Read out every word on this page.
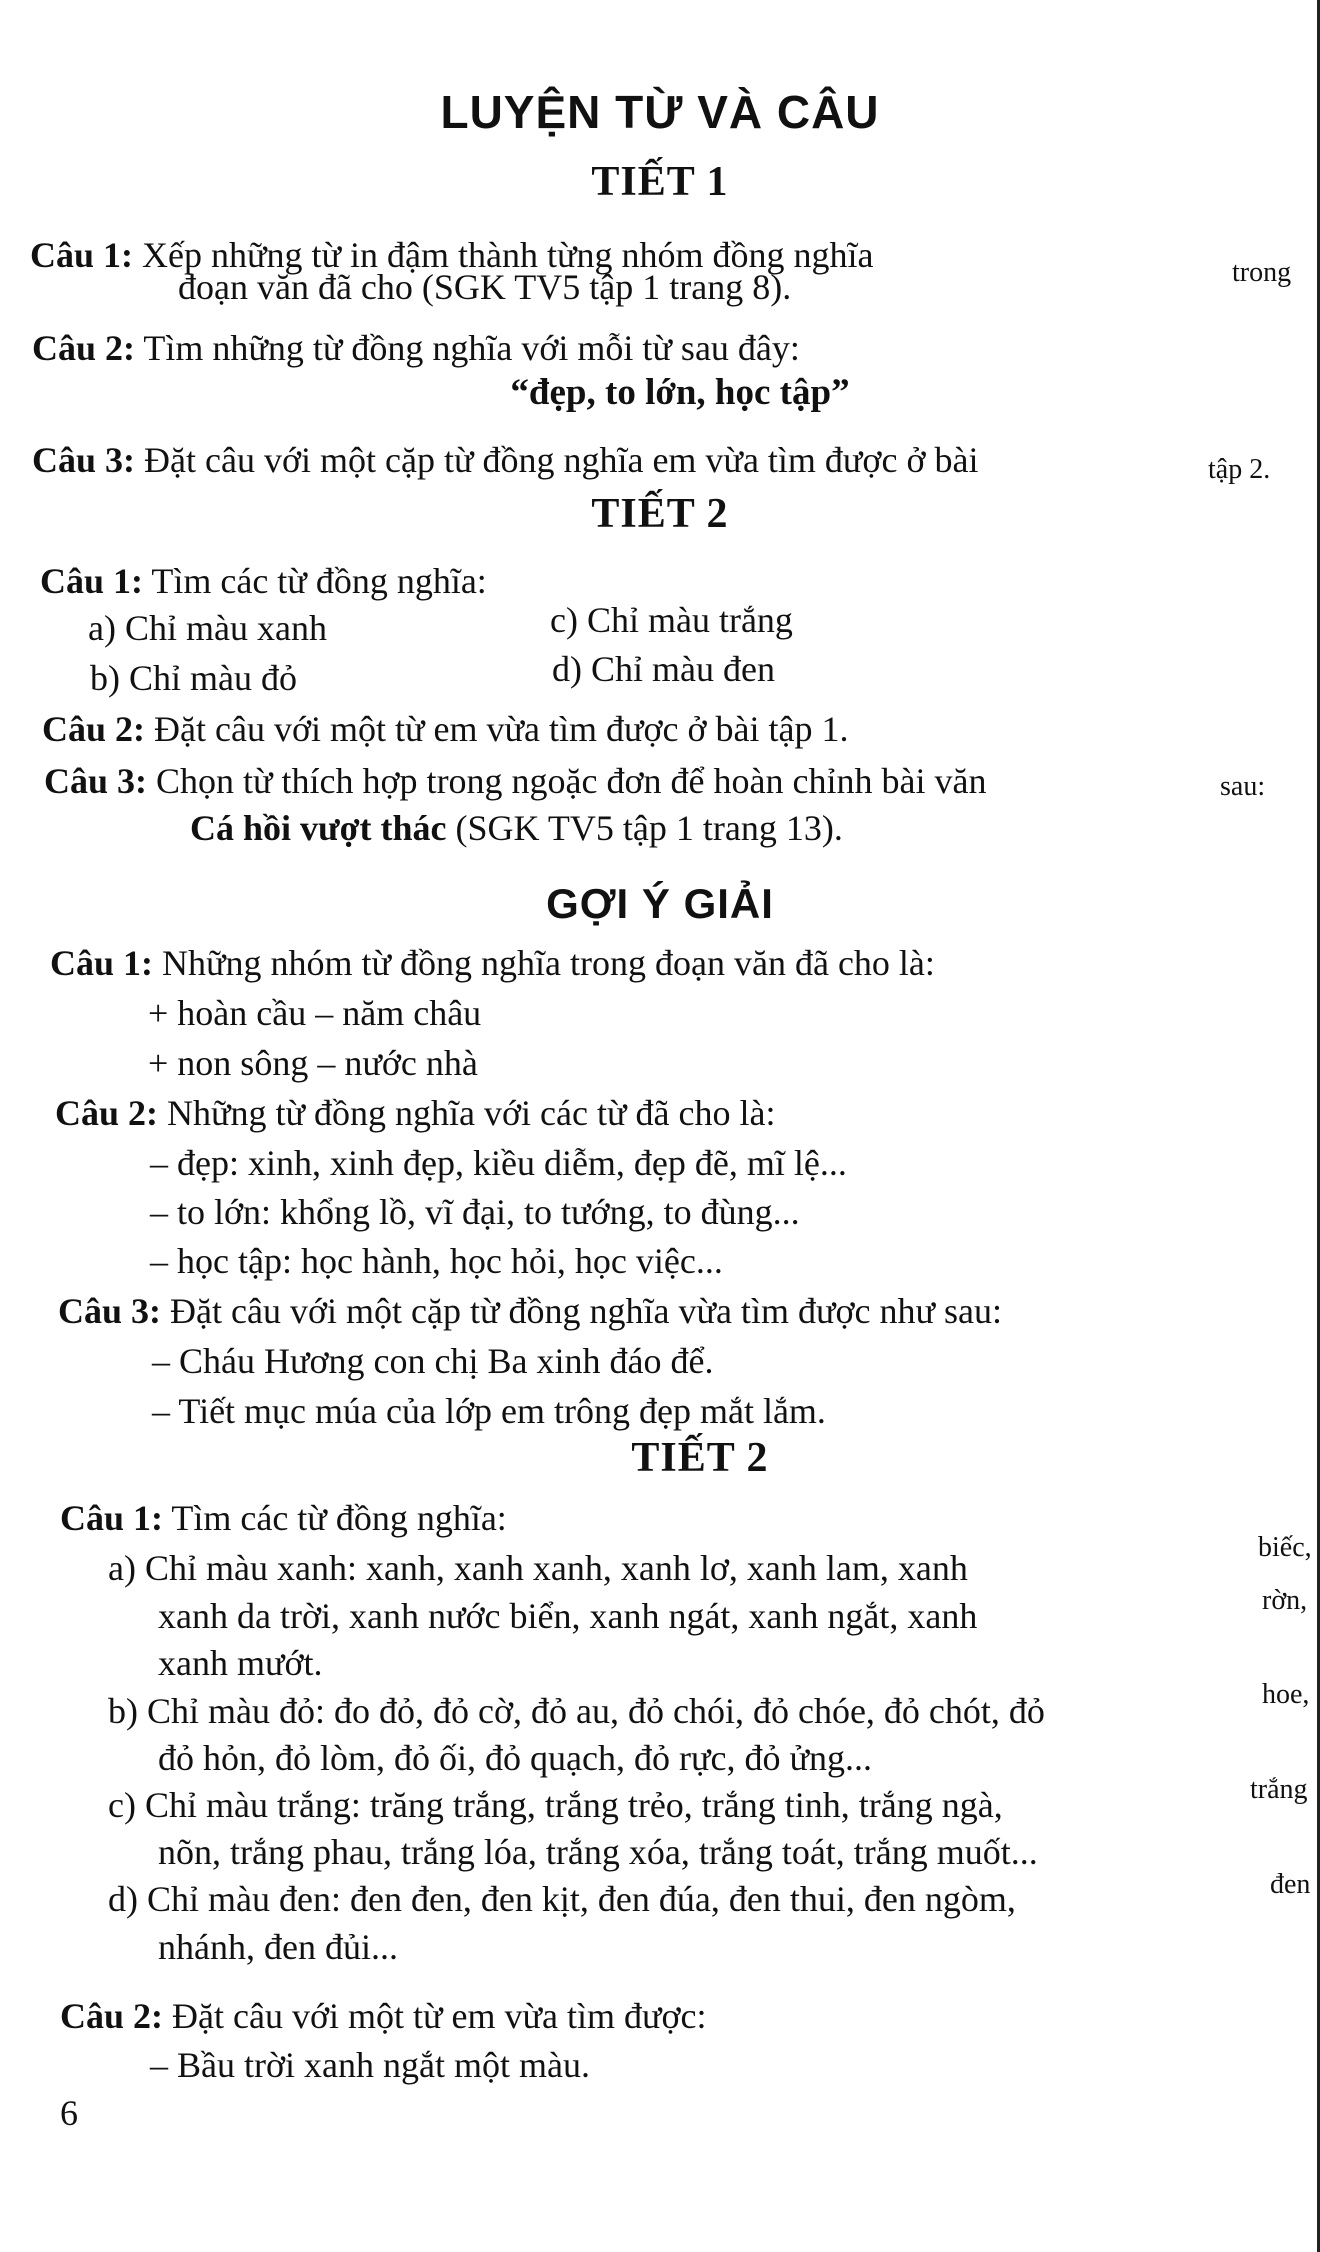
LUYỆN TỪ VÀ CÂU
TIẾT 1
Câu 1: Xếp những từ in đậm thành từng nhóm đồng nghĩa	trong
đoạn văn đã cho (SGK TV5 tập 1 trang 8).
Câu 2: Tìm những từ đồng nghĩa với mỗi từ sau đây:
“đẹp, to lớn, học tập”
Câu 3: Đặt câu với một cặp từ đồng nghĩa em vừa tìm được ở bài	tập 2.
TIẾT 2
Câu 1: Tìm các từ đồng nghĩa:
a) Chỉ màu xanh	c) Chỉ màu trắng
b) Chỉ màu đỏ	d) Chỉ màu đen
Câu 2: Đặt câu với một từ em vừa tìm được ở bài tập 1.
Câu 3: Chọn từ thích hợp trong ngoặc đơn để hoàn chỉnh bài văn	sau:
Cá hồi vượt thác (SGK TV5 tập 1 trang 13).
GỢI Ý GIẢI
Câu 1: Những nhóm từ đồng nghĩa trong đoạn văn đã cho là:
+ hoàn cầu – năm châu
+ non sông – nước nhà
Câu 2: Những từ đồng nghĩa với các từ đã cho là:
– đẹp: xinh, xinh đẹp, kiều diễm, đẹp đẽ, mĩ lệ...
– to lớn: khổng lồ, vĩ đại, to tướng, to đùng...
– học tập: học hành, học hỏi, học việc...
Câu 3: Đặt câu với một cặp từ đồng nghĩa vừa tìm được như sau:
– Cháu Hương con chị Ba xinh đáo để.
– Tiết mục múa của lớp em trông đẹp mắt lắm.
TIẾT 2
Câu 1: Tìm các từ đồng nghĩa:
a) Chỉ màu xanh: xanh, xanh xanh, xanh lơ, xanh lam, xanh
biếc,
xanh da trời, xanh nước biển, xanh ngát, xanh ngắt, xanh	rờn,
xanh mướt.
b) Chỉ màu đỏ: đo đỏ, đỏ cờ, đỏ au, đỏ chói, đỏ chóe, đỏ chót, đỏ	hoe,
đỏ hỏn, đỏ lòm, đỏ ối, đỏ quạch, đỏ rực, đỏ ửng...
c) Chỉ màu trắng: trăng trắng, trắng trẻo, trắng tinh, trắng ngà,	trắng
nõn, trắng phau, trắng lóa, trắng xóa, trắng toát, trắng muốt...
d) Chỉ màu đen: đen đen, đen kịt, đen đúa, đen thui, đen ngòm,	đen
nhánh, đen đủi...
Câu 2: Đặt câu với một từ em vừa tìm được:
– Bầu trời xanh ngắt một màu.
6
